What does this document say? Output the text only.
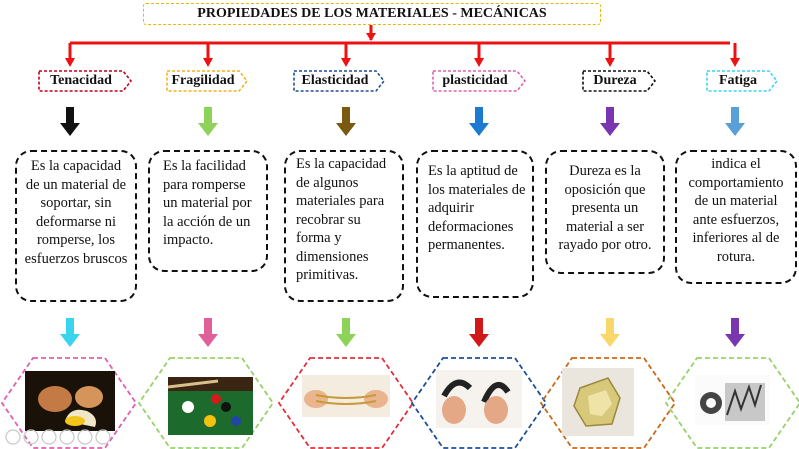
PROPIEDADES DE LOS MATERIALES - MECÁNICAS
Tenacidad	Fragilidad	Elasticidad	plasticidad	Dureza	Fatiga
Es la capacidad de un material de soportar, sin deformarse ni romperse, los esfuerzos bruscos
Es la facilidad para romperse un material por la acción de un impacto.
Es la capacidad de algunos materiales para recobrar su forma y dimensiones primitivas.
Es la aptitud de los materiales de adquirir deformaciones permanentes.
Dureza es la oposición que presenta un material a ser rayado por otro.
indica el comportamiento de un material ante esfuerzos, inferiores al de rotura.
